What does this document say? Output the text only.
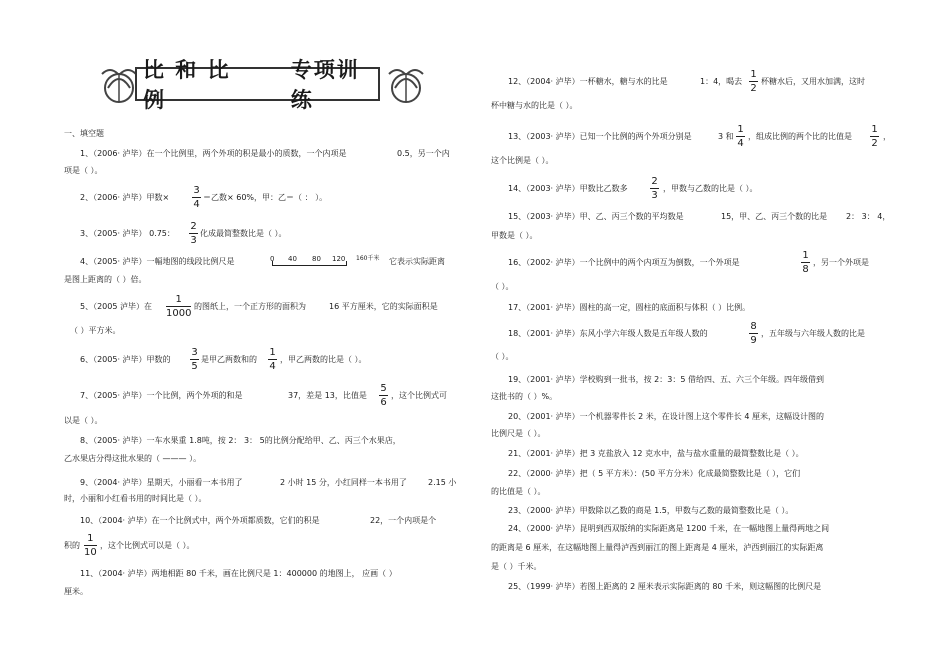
比 和 比 例
专项训练
一、填空题
1、（2006· 泸毕）在一个比例里，两个外项的积是最小的质数，一个内项是	0.5，另一个内
项是（ ）。
2、（2006· 泸毕）甲数×
3
4
＝乙数× 60%，甲：乙＝（ ： ）。
3、（2005· 泸毕） 0.75：
2
3
化成最简整数比是（ ）。
4、（2005· 泸毕）一幅地图的线段比例尺是	0 40 80 120 160千米 它表示实际距离
是图上距离的（ ）倍。
5、（2005 泸毕）在
1
1000
的图纸上，一个正方形的面积为	16 平方厘米，它的实际面积是
（ ）平方米。
6、（2005· 泸毕）甲数的
3
5
是甲乙两数和的
1
4
，甲乙两数的比是（ ）。
7、（2005· 泸毕）一个比例，两个外项的和是	37，差是 13，比值是
5
6
，这个比例式可
以是（ ）。
8、（2005· 泸毕）一车水果重 1.8吨，按 2： 3： 5的比例分配给甲、乙、丙三个水果店，
乙水果店分得这批水果的（ ——— ）。
9、（2004· 泸毕）星期天，小丽看一本书用了	2 小时 15 分，小红同样一本书用了	2.15 小
时，小丽和小红看书用的时间比是（ ）。
10、（2004· 泸毕）在一个比例式中，两个外项都质数，它们的积是	22，一个内项是个
积的
1
10
，这个比例式可以是（ ）。
11、（2004· 泸毕）两地相距 80 千米，画在比例尺是 1：400000 的地图上， 应画（ ）
厘米。
12、（2004· 泸毕）一杯糖水，糖与水的比是	1：4，喝去
1
2
杯糖水后，又用水加满，这时
杯中糖与水的比是（ ）。
13、（2003· 泸毕）已知一个比例的两个外项分别是	3 和
1
4
，组成比例的两个比的比值是
1
2
，
这个比例是（ ）。
14、（2003· 泸毕）甲数比乙数多
2
3
，甲数与乙数的比是（ ）。
15、（2003· 泸毕）甲、乙、丙三个数的平均数是	15，甲、乙、丙三个数的比是 2： 3： 4，
甲数是（ ）。
16、（2002· 泸毕）一个比例中的两个内项互为倒数，一个外项是
1
8
，另一个外项是
（ ）。
17、（2001· 泸毕）圆柱的高一定，圆柱的底面积与体积（ ）比例。
18、（2001· 泸毕）东风小学六年级人数是五年级人数的
8
9
，五年级与六年级人数的比是
（ ）。
19、（2001· 泸毕）学校购到一批书，按 2：3：5 借给四、五、六三个年级。四年级借到
这批书的（ ）%。
20、（2001· 泸毕）一个机器零件长 2 米，在设计图上这个零件长 4 厘米，这幅设计图的
比例尺是（ ）。
21、（2001· 泸毕）把 3 克盐放入 12 克水中，盐与盐水重量的最简整数比是（ ）。
22、（2000· 泸毕）把（ 5 平方米）：(50 平方分米）化成最简整数比是（ ），它们
的比值是（ ）。
23、（2000· 泸毕）甲数除以乙数的商是 1.5，甲数与乙数的最简整数比是（ ）。
24、（2000· 泸毕）昆明到西双版纳的实际距离是 1200 千米，在一幅地图上量得两地之间
的距离是 6 厘米，在这幅地图上量得泸西到丽江的图上距离是 4 厘米，泸西到丽江的实际距离
是（ ）千米。
25、（1999· 泸毕）若图上距离的 2 厘米表示实际距离的 80 千米，则这幅图的比例尺是
